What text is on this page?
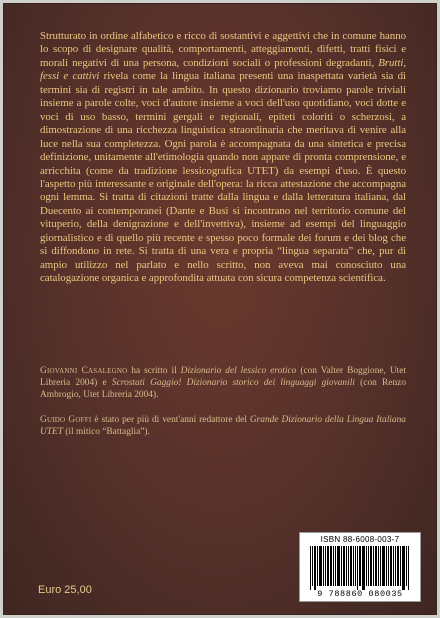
Strutturato in ordine alfabetico e ricco di sostantivi e aggettivi che in comune hanno lo scopo di designare qualità, comportamenti, atteggiamenti, difetti, tratti fisici e morali negativi di una persona, condizioni sociali o professioni degradanti, Brutti, fessi e cattivi rivela come la lingua italiana presenti una inaspettata varietà sia di termini sia di registri in tale ambito. In questo dizionario troviamo parole triviali insieme a parole colte, voci d'autore insieme a voci dell'uso quotidiano, voci dotte e voci di uso basso, termini gergali e regionali, epiteti coloriti o scherzosi, a dimostrazione di una ricchezza linguistica straordinaria che meritava di venire alla luce nella sua completezza. Ogni parola è accompagnata da una sintetica e precisa definizione, unitamente all'etimologia quando non appare di pronta comprensione, e arricchita (come da tradizione lessicografica UTET) da esempi d'uso. È questo l'aspetto più interessante e originale dell'opera: la ricca attestazione che accompagna ogni lemma. Si tratta di citazioni tratte dalla lingua e dalla letteratura italiana, dal Duecento ai contemporanei (Dante e Busi si incontrano nel territorio comune del vituperio, della denigrazione e dell'invettiva), insieme ad esempi del linguaggio giornalistico e di quello più recente e spesso poco formale dei forum e dei blog che si diffondono in rete. Si tratta di una vera e propria “lingua separata” che, pur di ampio utilizzo nel parlato e nello scritto, non aveva mai conosciuto una catalogazione organica e approfondita attuata con sicura competenza scientifica.
Giovanni Casalegno ha scritto il Dizionario del lessico erotico (con Valter Boggione, Utet Libreria 2004) e Scrostati Gaggio! Dizionario storico dei linguaggi giovanili (con Renzo Ambrogio, Utet Libreria 2004).
Guido Goffi è stato per più di vent'anni redattore del Grande Dizionario della Lingua Italiana UTET (il mitico “Battaglia”).
ISBN 88-6008-003-7
9 788860 080035
Euro 25,00
